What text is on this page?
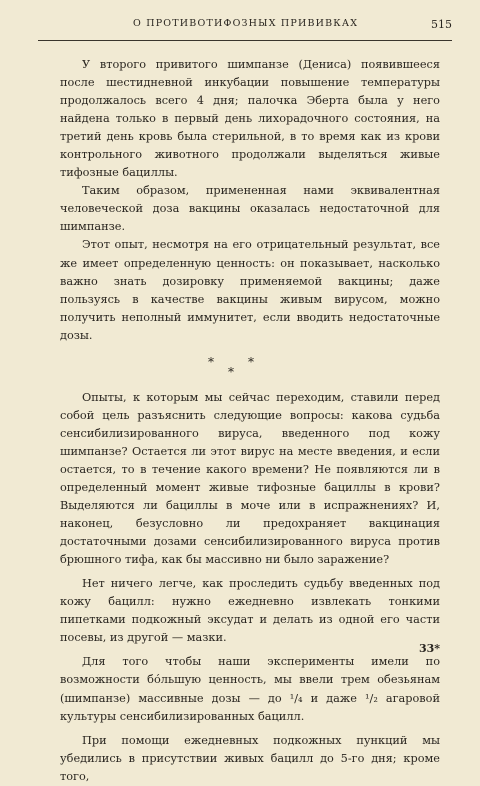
О ПРОТИВОТИФОЗНЫХ ПРИВИВКАХ	515

У второго привитого шимпанзе (Дениса) появившееся после шестидневной инкубации повышение температуры продолжалось всего 4 дня; палочка Эберта была у него найдена только в первый день лихорадочного состояния, на третий день кровь была стерильной, в то время как из крови контрольного животного продолжали выделяться живые тифозные бациллы.

Таким образом, примененная нами эквивалентная человеческой доза вакцины оказалась недостаточной для шимпанзе.

Этот опыт, несмотря на его отрицательный результат, все же имеет определенную ценность: он показывает, насколько важно знать дозировку применяемой вакцины; даже пользуясь в качестве вакцины живым вирусом, можно получить неполный иммунитет, если вводить недостаточные дозы.

*	*
*

Опыты, к которым мы сейчас переходим, ставили перед собой цель разъяснить следующие вопросы: какова судьба сенсибилизированного вируса, введенного под кожу шимпанзе? Остается ли этот вирус на месте введения, и если остается, то в течение какого времени? Не появляются ли в определенный момент живые тифозные бациллы в крови? Выделяются ли бациллы в моче или в испражнениях? И, наконец, безусловно ли предохраняет вакцинация достаточными дозами сенсибилизированного вируса против брюшного тифа, как бы массивно ни было заражение?

Нет ничего легче, как проследить судьбу введенных под кожу бацилл: нужно ежедневно извлекать тонкими пипетками подкожный эксудат и делать из одной его части посевы, из другой — мазки.

Для того чтобы наши эксперименты имели по возможности бо́льшую ценность, мы ввели трем обезьянам (шимпанзе) массивные дозы — до ¹/₄ и даже ¹/₂ агаровой культуры сенсибилизированных бацилл.

При помощи ежедневных подкожных пункций мы убедились в присутствии живых бацилл до 5-го дня; кроме того,

33*
